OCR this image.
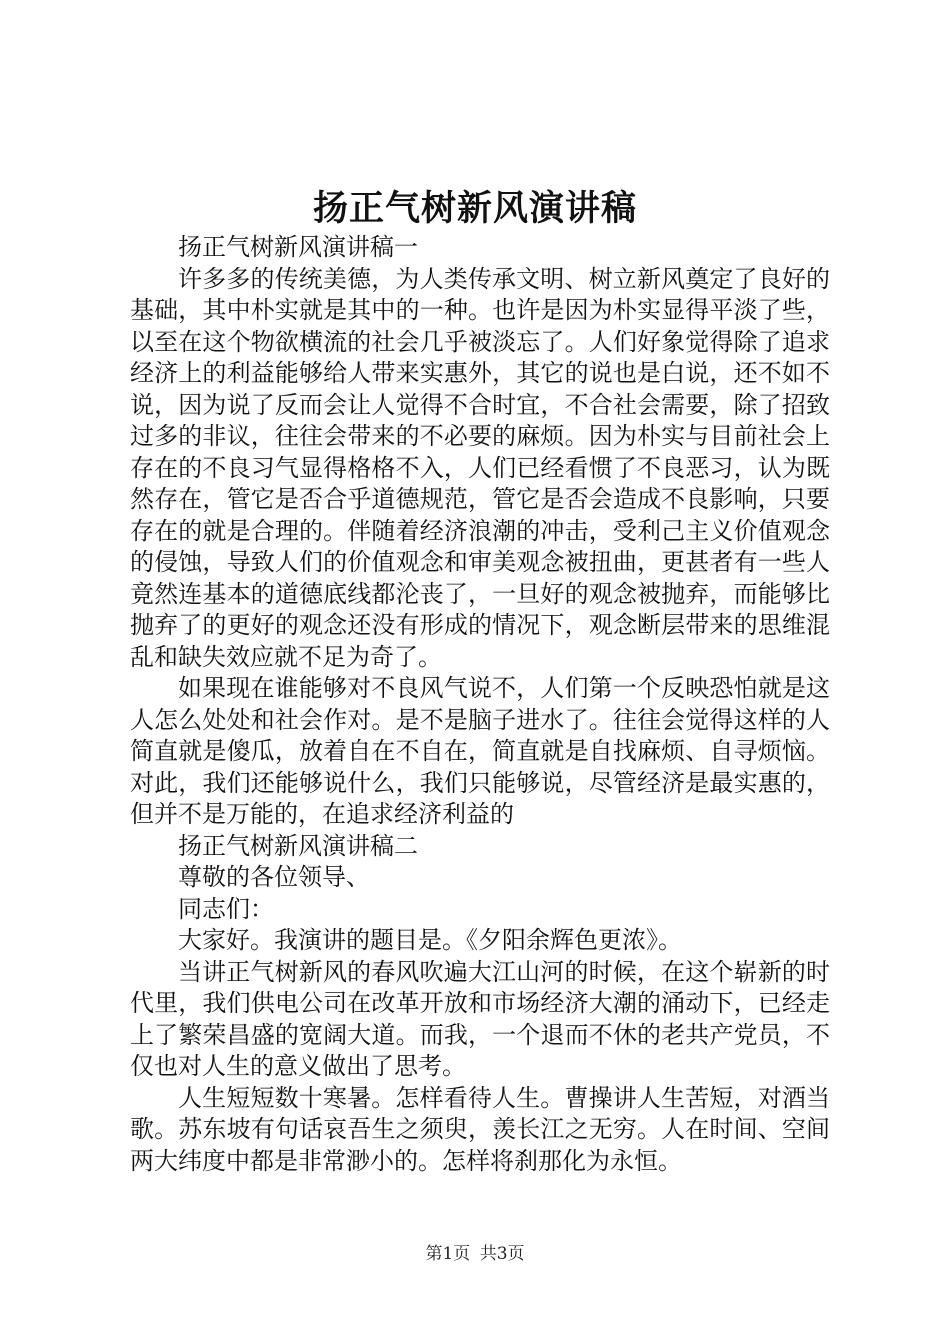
扬正气树新风演讲稿

扬正气树新风演讲稿一

许多多的传统美德，为人类传承文明、树立新风奠定了良好的基础，其中朴实就是其中的一种。也许是因为朴实显得平淡了些，以至在这个物欲横流的社会几乎被淡忘了。人们好象觉得除了追求经济上的利益能够给人带来实惠外，其它的说也是白说，还不如不说，因为说了反而会让人觉得不合时宜，不合社会需要，除了招致过多的非议，往往会带来的不必要的麻烦。因为朴实与目前社会上存在的不良习气显得格格不入，人们已经看惯了不良恶习，认为既然存在，管它是否合乎道德规范，管它是否会造成不良影响，只要存在的就是合理的。伴随着经济浪潮的冲击，受利己主义价值观念的侵蚀，导致人们的价值观念和审美观念被扭曲，更甚者有一些人竟然连基本的道德底线都沦丧了，一旦好的观念被抛弃，而能够比抛弃了的更好的观念还没有形成的情况下，观念断层带来的思维混乱和缺失效应就不足为奇了。

如果现在谁能够对不良风气说不，人们第一个反映恐怕就是这人怎么处处和社会作对。是不是脑子进水了。往往会觉得这样的人简直就是傻瓜，放着自在不自在，简直就是自找麻烦、自寻烦恼。对此，我们还能够说什么，我们只能够说，尽管经济是最实惠的，但并不是万能的，在追求经济利益的

扬正气树新风演讲稿二

尊敬的各位领导、

同志们：

大家好。我演讲的题目是。《夕阳余辉色更浓》。

当讲正气树新风的春风吹遍大江山河的时候，在这个崭新的时代里，我们供电公司在改革开放和市场经济大潮的涌动下，已经走上了繁荣昌盛的宽阔大道。而我，一个退而不休的老共产党员，不仅也对人生的意义做出了思考。

人生短短数十寒暑。怎样看待人生。曹操讲人生苦短，对酒当歌。苏东坡有句话哀吾生之须臾，羡长江之无穷。人在时间、空间两大纬度中都是非常渺小的。怎样将刹那化为永恒。

第1页 共3页
